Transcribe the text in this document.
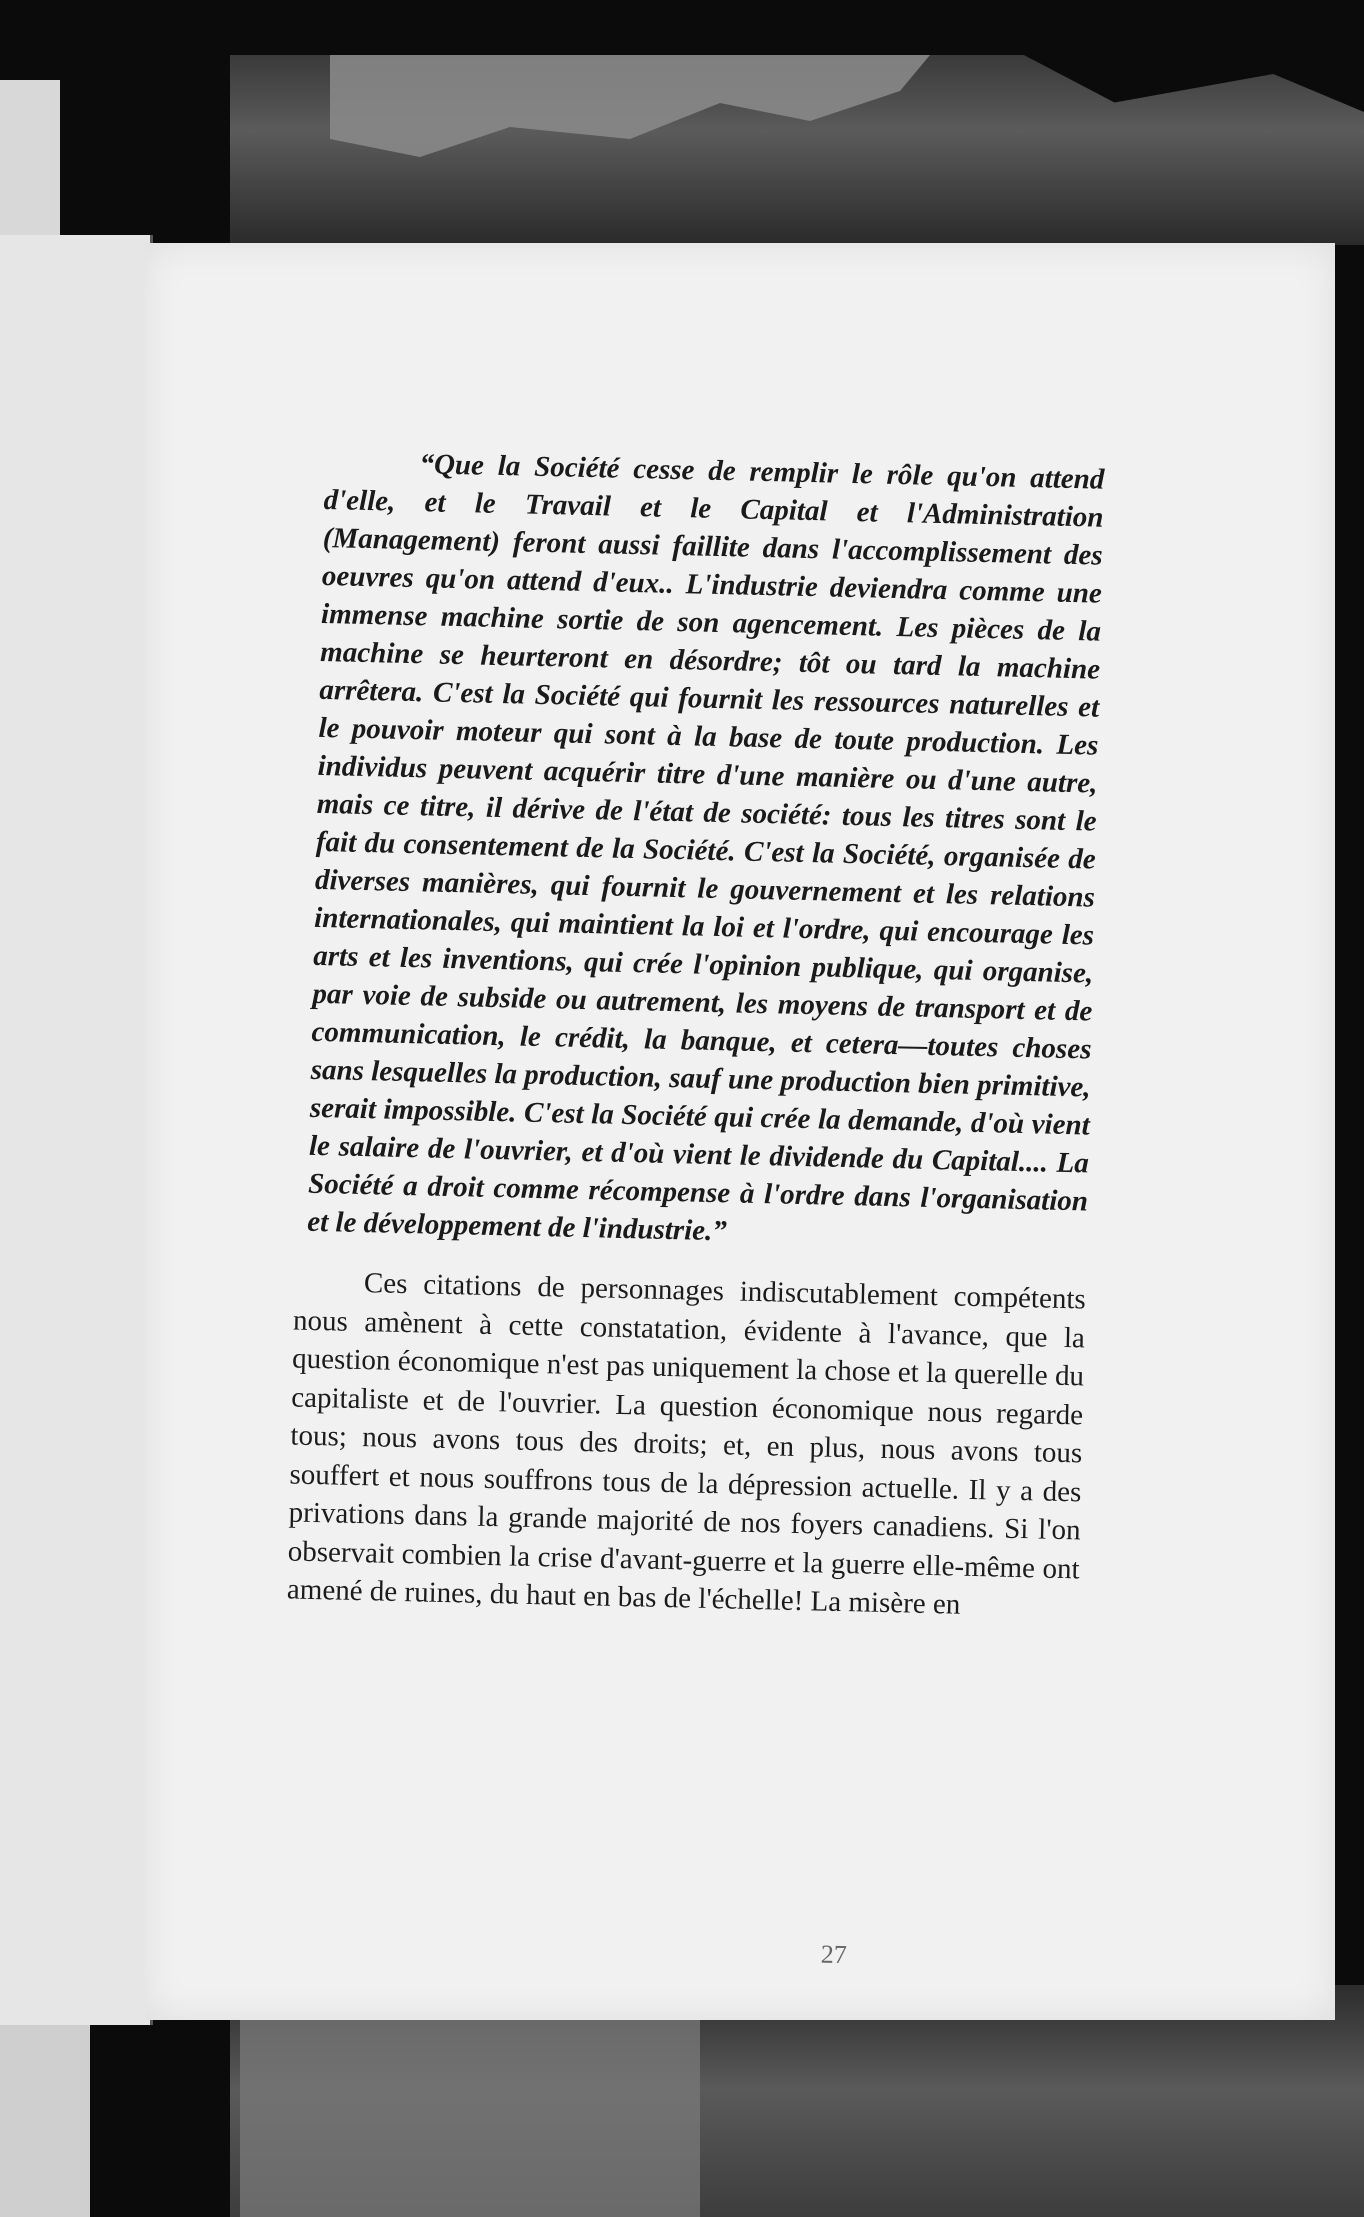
“Que la Société cesse de remplir le rôle qu'on attend d'elle, et le Travail et le Capital et l'Administration (Management) feront aussi faillite dans l'accomplissement des oeuvres qu'on attend d'eux.. L'industrie deviendra comme une immense machine sortie de son agencement. Les pièces de la machine se heurteront en désordre; tôt ou tard la machine arrêtera. C'est la Société qui fournit les ressources naturelles et le pouvoir moteur qui sont à la base de toute production. Les individus peuvent acquérir titre d'une manière ou d'une autre, mais ce titre, il dérive de l'état de société: tous les titres sont le fait du consentement de la Société. C'est la Société, organisée de diverses manières, qui fournit le gouvernement et les relations internationales, qui maintient la loi et l'ordre, qui encourage les arts et les inventions, qui crée l'opinion publique, qui organise, par voie de subside ou autrement, les moyens de transport et de communication, le crédit, la banque, et cetera—toutes choses sans lesquelles la production, sauf une production bien primitive, serait impossible. C'est la Société qui crée la demande, d'où vient le salaire de l'ouvrier, et d'où vient le dividende du Capital.... La Société a droit comme récompense à l'ordre dans l'organisation et le développement de l'industrie.”

Ces citations de personnages indiscutablement compétents nous amènent à cette constatation, évidente à l'avance, que la question économique n'est pas uniquement la chose et la querelle du capitaliste et de l'ouvrier. La question économique nous regarde tous; nous avons tous des droits; et, en plus, nous avons tous souffert et nous souffrons tous de la dépression actuelle. Il y a des privations dans la grande majorité de nos foyers canadiens. Si l'on observait combien la crise d'avant-guerre et la guerre elle-même ont amené de ruines, du haut en bas de l'échelle! La misère en

27
